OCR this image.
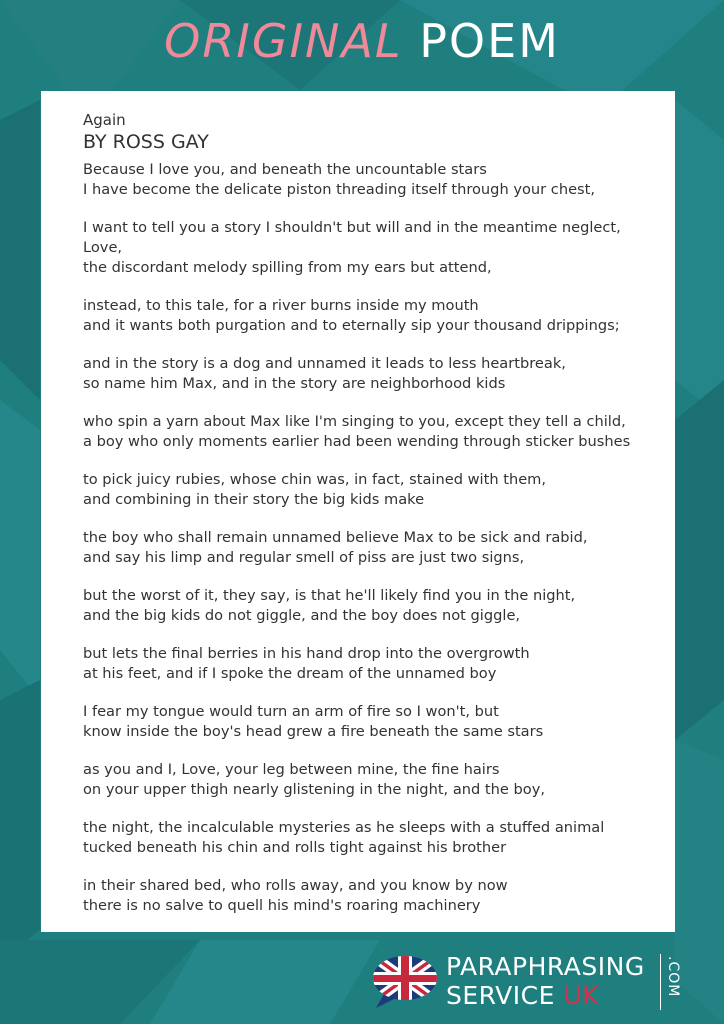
ORIGINAL POEM
Again
BY ROSS GAY
Because I love you, and beneath the uncountable stars
I have become the delicate piston threading itself through your chest,
I want to tell you a story I shouldn't but will and in the meantime neglect,
Love,
the discordant melody spilling from my ears but attend,
instead, to this tale, for a river burns inside my mouth
and it wants both purgation and to eternally sip your thousand drippings;
and in the story is a dog and unnamed it leads to less heartbreak,
so name him Max, and in the story are neighborhood kids
who spin a yarn about Max like I'm singing to you, except they tell a child,
a boy who only moments earlier had been wending through sticker bushes
to pick juicy rubies, whose chin was, in fact, stained with them,
and combining in their story the big kids make
the boy who shall remain unnamed believe Max to be sick and rabid,
and say his limp and regular smell of piss are just two signs,
but the worst of it, they say, is that he'll likely find you in the night,
and the big kids do not giggle, and the boy does not giggle,
but lets the final berries in his hand drop into the overgrowth
at his feet, and if I spoke the dream of the unnamed boy
I fear my tongue would turn an arm of fire so I won't, but
know inside the boy's head grew a fire beneath the same stars
as you and I, Love, your leg between mine, the fine hairs
on your upper thigh nearly glistening in the night, and the boy,
the night, the incalculable mysteries as he sleeps with a stuffed animal
tucked beneath his chin and rolls tight against his brother
in their shared bed, who rolls away, and you know by now
there is no salve to quell his mind's roaring machinery
PARAPHRASING
SERVICE UK	.COM
